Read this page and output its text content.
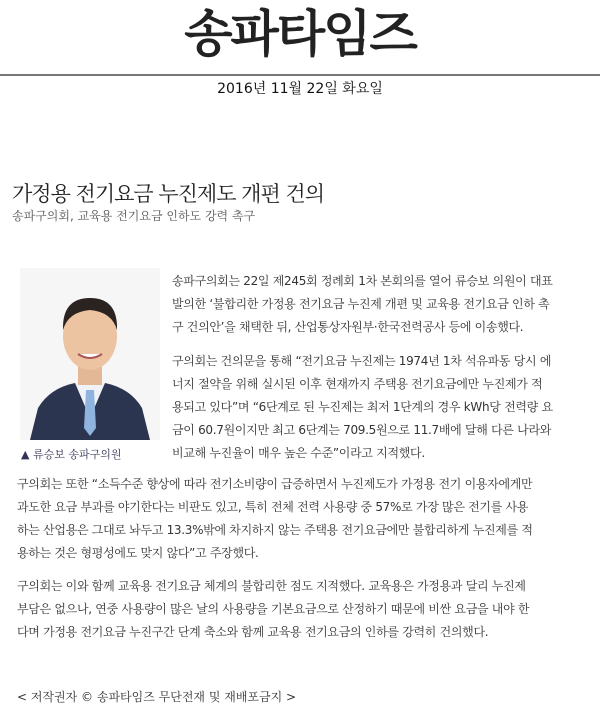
송파타임즈
2016년 11월 22일 화요일
가정용 전기요금 누진제도 개편 건의
송파구의회, 교육용 전기요금 인하도 강력 촉구
▲ 류승보 송파구의원
송파구의회는 22일 제245회 정례회 1차 본회의를 열어 류승보 의원이 대표
발의한 ‘불합리한 가정용 전기요금 누진제 개편 및 교육용 전기요금 인하 촉
구 건의안’을 채택한 뒤, 산업통상자원부·한국전력공사 등에 이송했다.
구의회는 건의문을 통해 “전기요금 누진제는 1974년 1차 석유파동 당시 에
너지 절약을 위해 실시된 이후 현재까지 주택용 전기요금에만 누진제가 적
용되고 있다”며 “6단계로 된 누진제는 최저 1단계의 경우 kWh당 전력량 요
금이 60.7원이지만 최고 6단계는 709.5원으로 11.7배에 달해 다른 나라와
비교해 누진율이 매우 높은 수준”이라고 지적했다.
구의회는 또한 “소득수준 향상에 따라 전기소비량이 급증하면서 누진제도가 가정용 전기 이용자에게만
과도한 요금 부과를 야기한다는 비판도 있고, 특히 전체 전력 사용량 중 57%로 가장 많은 전기를 사용
하는 산업용은 그대로 놔두고 13.3%밖에 차지하지 않는 주택용 전기요금에만 불합리하게 누진제를 적
용하는 것은 형평성에도 맞지 않다”고 주장했다.
구의회는 이와 함께 교육용 전기요금 체계의 불합리한 점도 지적했다. 교육용은 가정용과 달리 누진제
부담은 없으나, 연중 사용량이 많은 날의 사용량을 기본요금으로 산정하기 때문에 비싼 요금을 내야 한
다며 가정용 전기요금 누진구간 단계 축소와 함께 교육용 전기요금의 인하를 강력히 건의했다.
< 저작권자 © 송파타임즈 무단전재 및 재배포금지 >
